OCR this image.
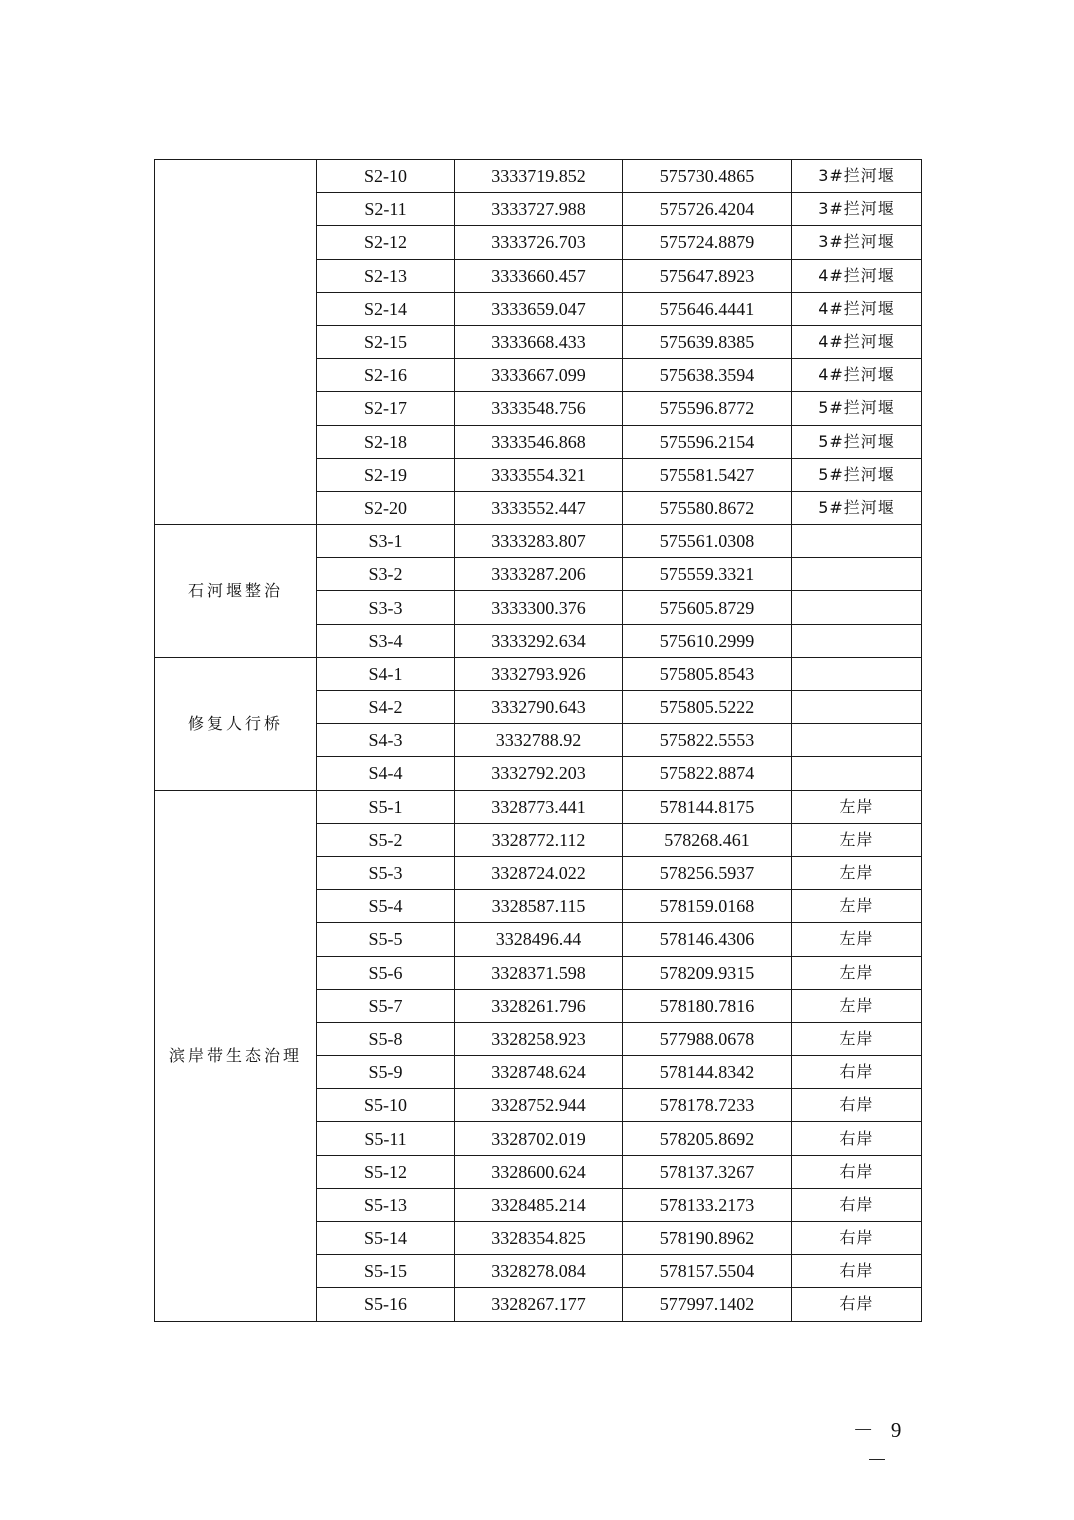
	S2-10	3333719.852	575730.4865	3#拦河堰
	S2-11	3333727.988	575726.4204	3#拦河堰
	S2-12	3333726.703	575724.8879	3#拦河堰
	S2-13	3333660.457	575647.8923	4#拦河堰
	S2-14	3333659.047	575646.4441	4#拦河堰
	S2-15	3333668.433	575639.8385	4#拦河堰
	S2-16	3333667.099	575638.3594	4#拦河堰
	S2-17	3333548.756	575596.8772	5#拦河堰
	S2-18	3333546.868	575596.2154	5#拦河堰
	S2-19	3333554.321	575581.5427	5#拦河堰
	S2-20	3333552.447	575580.8672	5#拦河堰
石河堰整治	S3-1	3333283.807	575561.0308	
	S3-2	3333287.206	575559.3321	
	S3-3	3333300.376	575605.8729	
	S3-4	3333292.634	575610.2999	
修复人行桥	S4-1	3332793.926	575805.8543	
	S4-2	3332790.643	575805.5222	
	S4-3	3332788.92	575822.5553	
	S4-4	3332792.203	575822.8874	
滨岸带生态治理	S5-1	3328773.441	578144.8175	左岸
	S5-2	3328772.112	578268.461	左岸
	S5-3	3328724.022	578256.5937	左岸
	S5-4	3328587.115	578159.0168	左岸
	S5-5	3328496.44	578146.4306	左岸
	S5-6	3328371.598	578209.9315	左岸
	S5-7	3328261.796	578180.7816	左岸
	S5-8	3328258.923	577988.0678	左岸
	S5-9	3328748.624	578144.8342	右岸
	S5-10	3328752.944	578178.7233	右岸
	S5-11	3328702.019	578205.8692	右岸
	S5-12	3328600.624	578137.3267	右岸
	S5-13	3328485.214	578133.2173	右岸
	S5-14	3328354.825	578190.8962	右岸
	S5-15	3328278.084	578157.5504	右岸
	S5-16	3328267.177	577997.1402	右岸
－ 9 －
